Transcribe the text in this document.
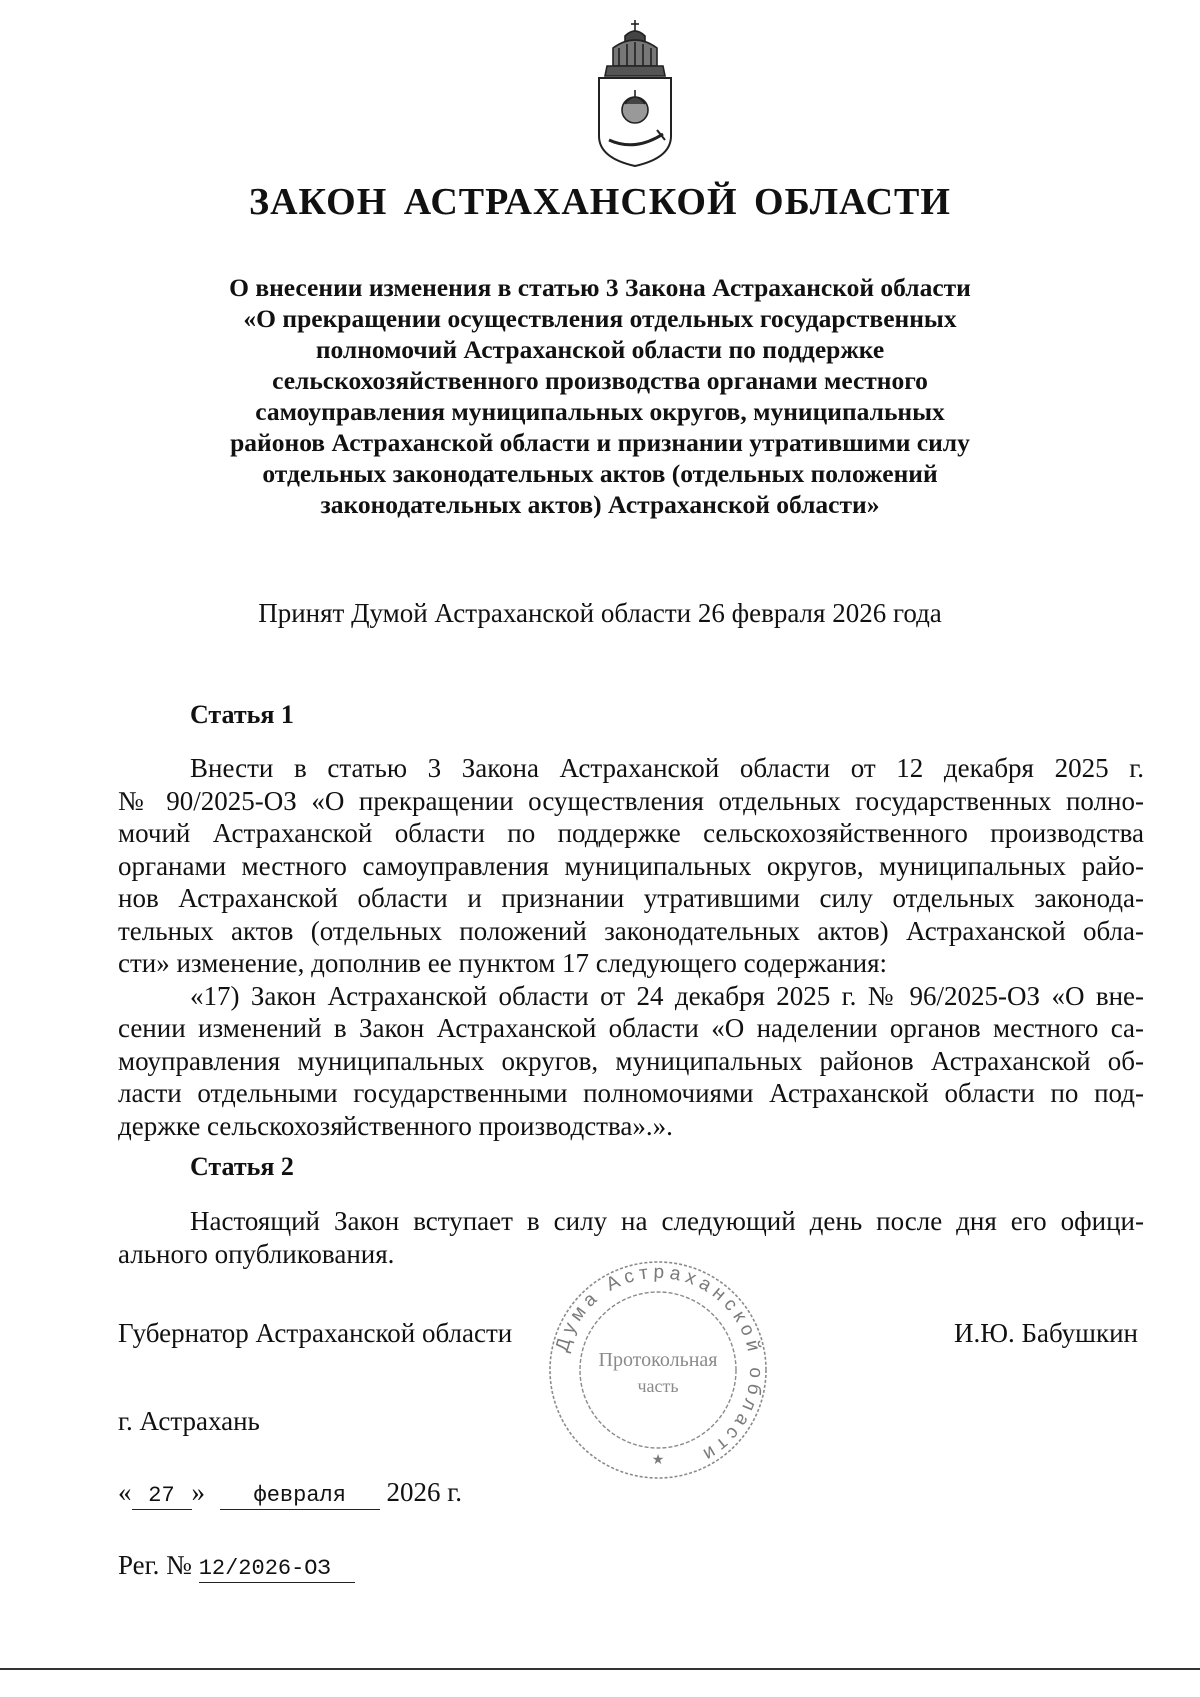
ЗАКОН АСТРАХАНСКОЙ ОБЛАСТИ
О внесении изменения в статью 3 Закона Астраханской области
«О прекращении осуществления отдельных государственных
полномочий Астраханской области по поддержке
сельскохозяйственного производства органами местного
самоуправления муниципальных округов, муниципальных
районов Астраханской области и признании утратившими силу
отдельных законодательных актов (отдельных положений
законодательных актов) Астраханской области»
Принят Думой Астраханской области 26 февраля 2026 года
Статья 1
Внести в статью 3 Закона Астраханской области от 12 декабря 2025 г.
№ 90/2025-ОЗ «О прекращении осуществления отдельных государственных полно-
мочий Астраханской области по поддержке сельскохозяйственного производства
органами местного самоуправления муниципальных округов, муниципальных райо-
нов Астраханской области и признании утратившими силу отдельных законода-
тельных актов (отдельных положений законодательных актов) Астраханской обла-
сти» изменение, дополнив ее пунктом 17 следующего содержания:
«17) Закон Астраханской области от 24 декабря 2025 г. № 96/2025-ОЗ «О вне-
сении изменений в Закон Астраханской области «О наделении органов местного са-
моуправления муниципальных округов, муниципальных районов Астраханской об-
ласти отдельными государственными полномочиями Астраханской области по под-
держке сельскохозяйственного производства».».
Статья 2
Настоящий Закон вступает в силу на следующий день после дня его офици-
ального опубликования.
Дума Астраханской области
Протокольная
часть
★
Губернатор Астраханской области	И.Ю. Бабушкин
г. Астрахань
« 27 » февраля 2026 г.
Рег. № 12/2026-ОЗ
